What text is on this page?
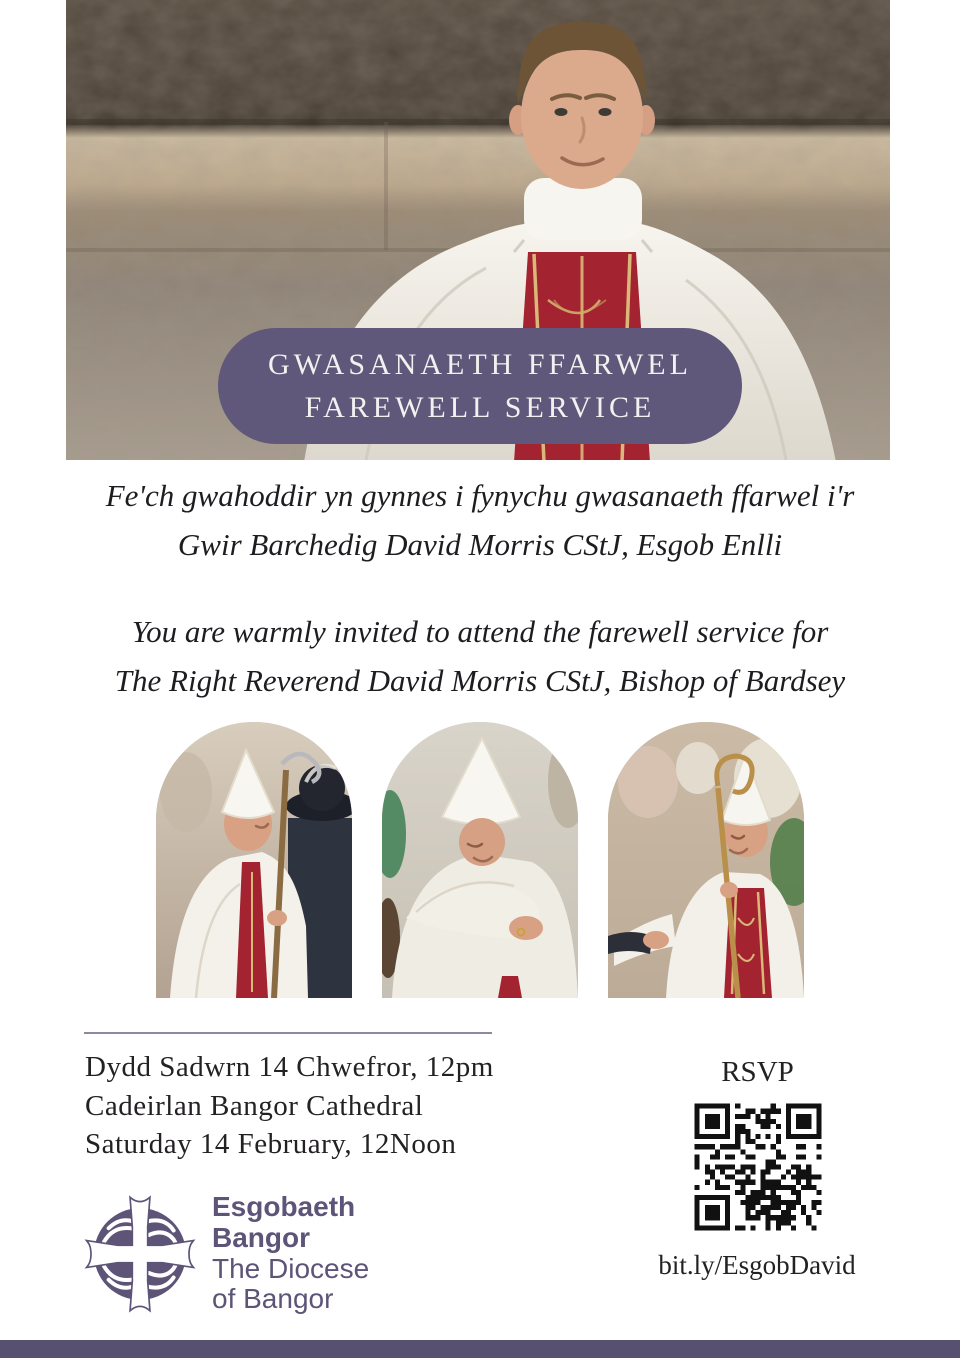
GWASANAETH FFARWEL
FAREWELL SERVICE
Fe'ch gwahoddir yn gynnes i fynychu gwasanaeth ffarwel i'r
Gwir Barchedig David Morris CStJ, Esgob Enlli
You are warmly invited to attend the farewell service for
The Right Reverend David Morris CStJ, Bishop of Bardsey
Dydd Sadwrn 14 Chwefror, 12pm
Cadeirlan Bangor Cathedral
Saturday 14 February, 12Noon
RSVP
bit.ly/EsgobDavid
Esgobaeth
Bangor
The Diocese
of Bangor
